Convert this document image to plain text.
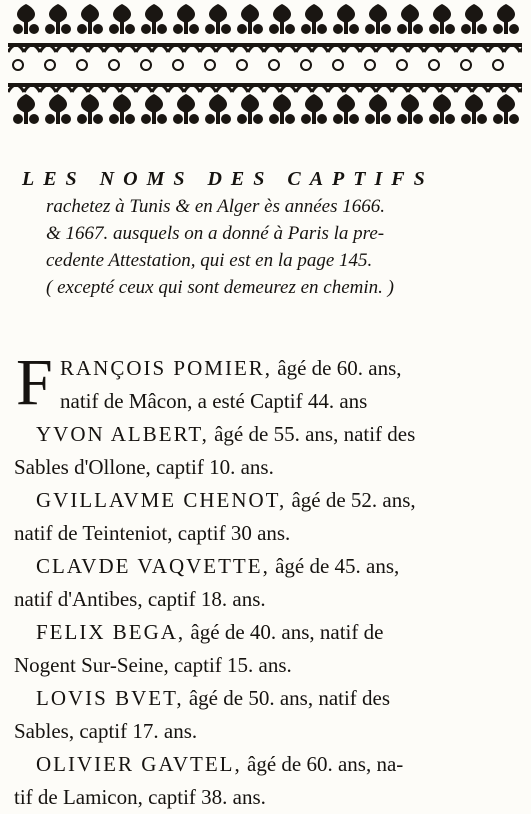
LES NOMS DES CAPTIFS
rachetez à Tunis & en Alger ès années 1666.
& 1667. ausquels on a donné à Paris la pre-
cedente Attestation, qui est en la page 145.
( excepté ceux qui sont demeurez en chemin. )
F RANÇOIS POMIER, âgé de 60. ans,

natif de Mâcon, a esté Captif 44. ans

YVON ALBERT, âgé de 55. ans, natif des

Sables d'Ollone, captif 10. ans.

GVILLAVME CHENOT, âgé de 52. ans,

natif de Teinteniot, captif 30 ans.

CLAVDE VAQVETTE, âgé de 45. ans,

natif d'Antibes, captif 18. ans.

FELIX BEGA, âgé de 40. ans, natif de

Nogent Sur-Seine, captif 15. ans.

LOVIS BVET, âgé de 50. ans, natif des

Sables, captif 17. ans.

OLIVIER GAVTEL, âgé de 60. ans, na-

tif de Lamicon, captif 38. ans.
